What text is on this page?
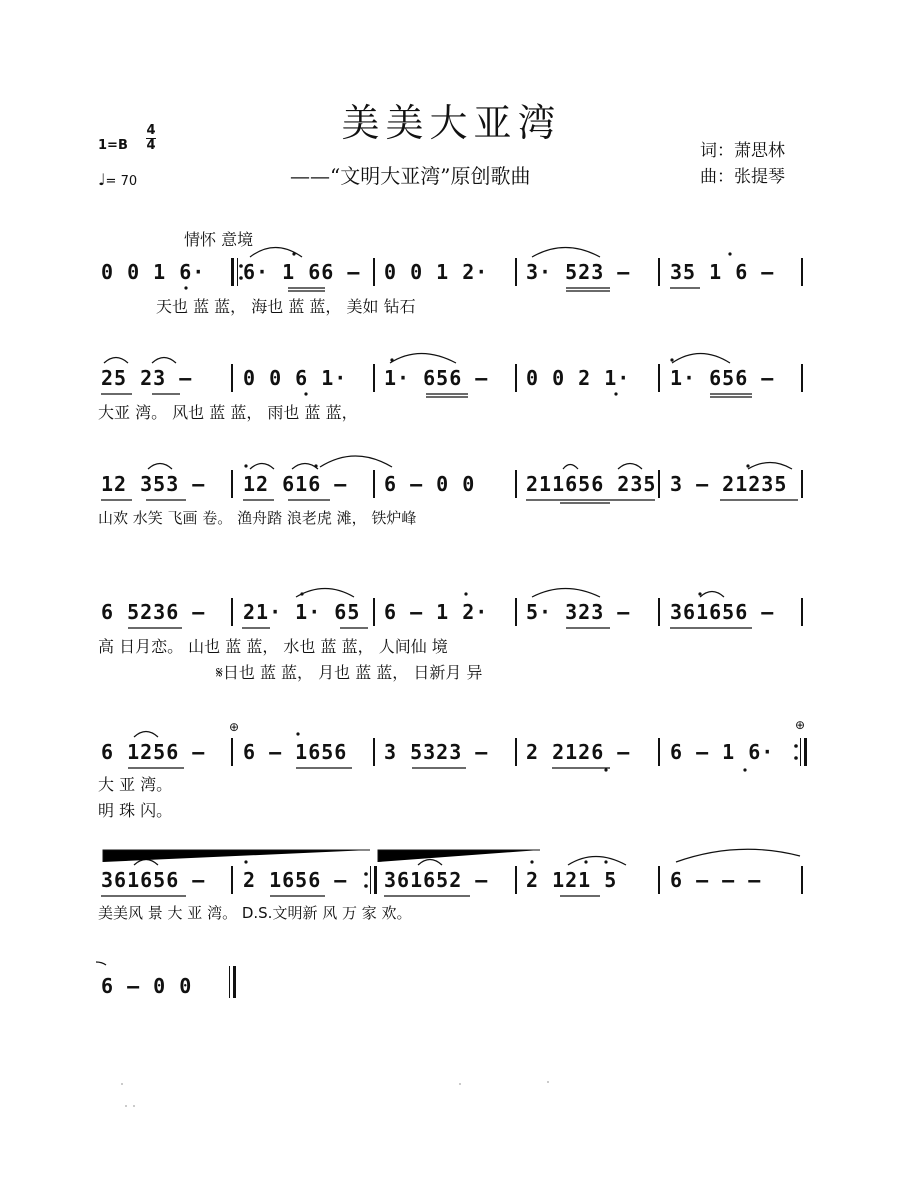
美美大亚湾
——“文明大亚湾”原创歌曲
1=B
4
4
♩= 70
词：萧思林
曲：张提琴
情怀 意境
0 0 1 6· 6· 1 66 – 0 0 1 2· 3· 523 – 35 1 6 –
天也 蓝 蓝， 海也 蓝 蓝， 美如 钻石
25 23 –	0 0 6 1· 1· 656 – 0 0 2 1· 1· 656 –
大亚 湾。 风也 蓝 蓝， 雨也 蓝 蓝，
12 353 – 12 616 – 6 – 0 0	211656 235 3 – 21235
山欢 水笑 飞画 卷。 渔舟踏 浪老虎 滩， 铁炉峰
6 5236 – 21· 1· 65 6 – 1 2· 5· 323 – 361656 –
高 日月恋。 山也 蓝 蓝， 水也 蓝 蓝， 人间仙 境
𝄋日也 蓝 蓝， 月也 蓝 蓝， 日新月 异
⊕	⊕
6 1256 – 6 – 1656 3 5323 – 2 2126 – 6 – 1 6·
大 亚 湾。
明 珠 闪。
361656 – 2 1656 – 361652 – 2 121 5	6 – – –
美美风 景 大 亚 湾。 D.S.文明新 风 万 家 欢。
6 – 0 0
